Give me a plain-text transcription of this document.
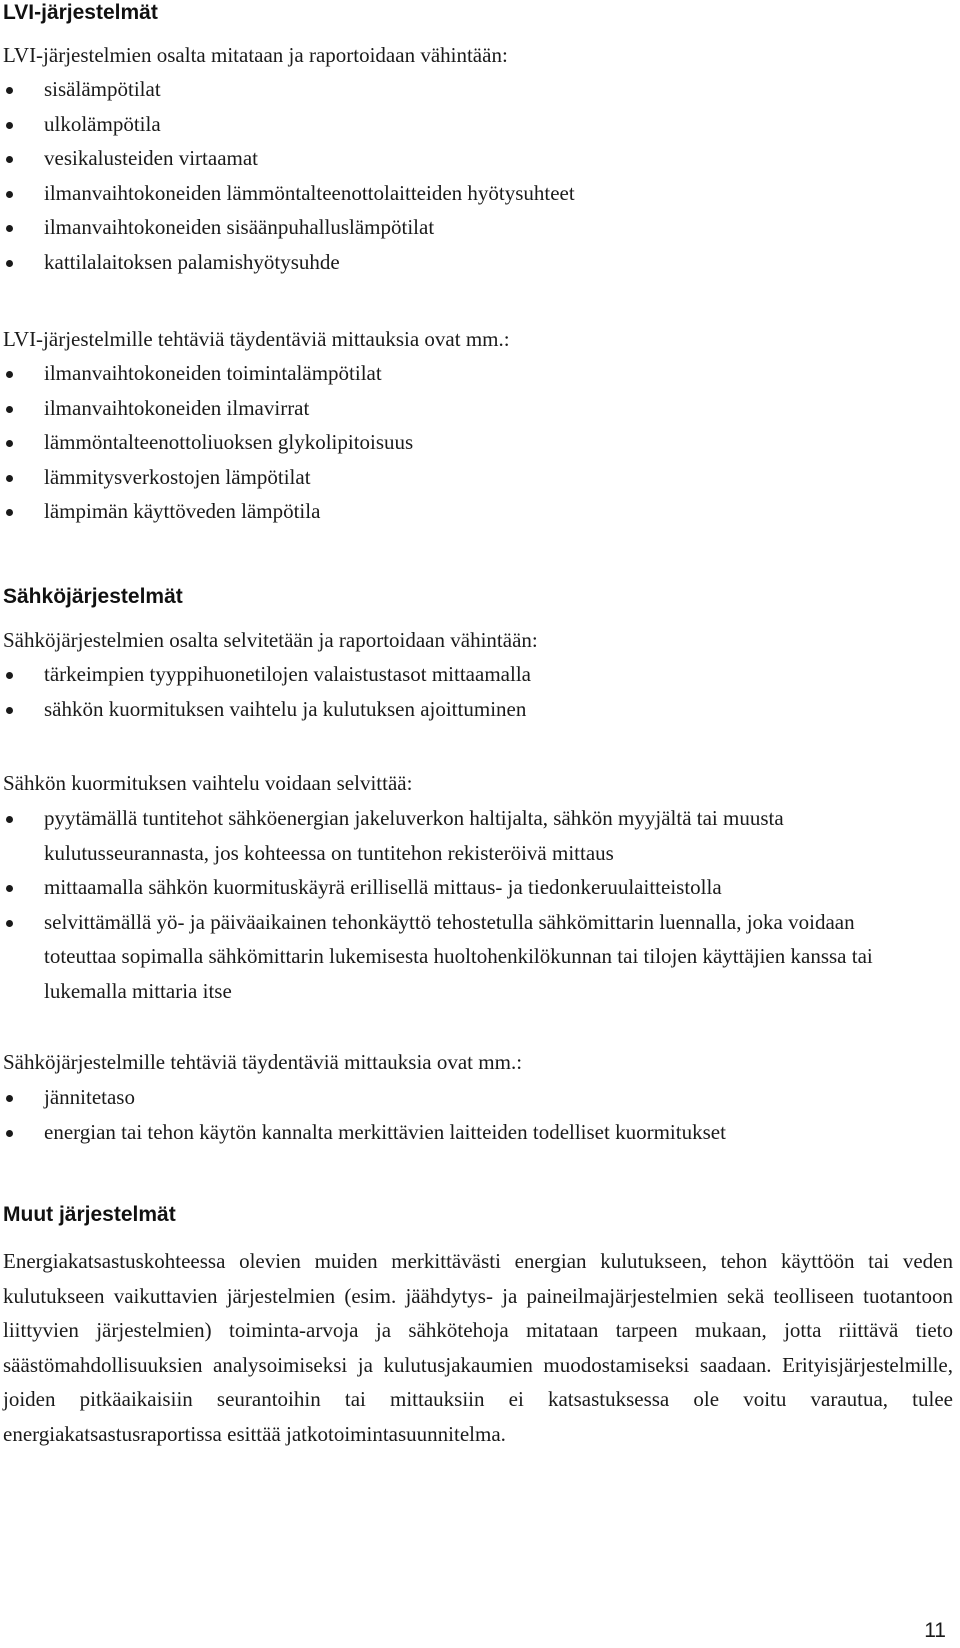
LVI-järjestelmät

LVI-järjestelmien osalta mitataan ja raportoidaan vähintään:

sisälämpötilat
ulkolämpötila
vesikalusteiden virtaamat
ilmanvaihtokoneiden lämmöntalteenottolaitteiden hyötysuhteet
ilmanvaihtokoneiden sisäänpuhalluslämpötilat
kattilalaitoksen palamishyötysuhde

LVI-järjestelmille tehtäviä täydentäviä mittauksia ovat mm.:

ilmanvaihtokoneiden toimintalämpötilat
ilmanvaihtokoneiden ilmavirrat
lämmöntalteenottoliuoksen glykolipitoisuus
lämmitysverkostojen lämpötilat
lämpimän käyttöveden lämpötila
Sähköjärjestelmät

Sähköjärjestelmien osalta selvitetään ja raportoidaan vähintään:

tärkeimpien tyyppihuonetilojen valaistustasot mittaamalla
sähkön kuormituksen vaihtelu ja kulutuksen ajoittuminen

Sähkön kuormituksen vaihtelu voidaan selvittää:

pyytämällä tuntitehot sähköenergian jakeluverkon haltijalta, sähkön myyjältä tai muusta kulutusseurannasta, jos kohteessa on tuntitehon rekisteröivä mittaus
mittaamalla sähkön kuormituskäyrä erillisellä mittaus- ja tiedonkeruulaitteistolla
selvittämällä yö- ja päiväaikainen tehonkäyttö tehostetulla sähkömittarin luennalla, joka voidaan toteuttaa sopimalla sähkömittarin lukemisesta huoltohenkilökunnan tai tilojen käyttäjien kanssa tai lukemalla mittaria itse

Sähköjärjestelmille tehtäviä täydentäviä mittauksia ovat mm.:

jännitetaso
energian tai tehon käytön kannalta merkittävien laitteiden todelliset kuormitukset
Muut järjestelmät

Energiakatsastuskohteessa olevien muiden merkittävästi energian kulutukseen, tehon käyttöön tai veden kulutukseen vaikuttavien järjestelmien (esim. jäähdytys- ja paineilmajärjestelmien sekä teolliseen tuotantoon liittyvien järjestelmien) toiminta-arvoja ja sähkötehoja mitataan tarpeen mukaan, jotta riittävä tieto säästömahdollisuuksien analysoimiseksi ja kulutusjakaumien muodostamiseksi saadaan. Erityisjärjestelmille, joiden pitkäaikaisiin seurantoihin tai mittauksiin ei katsastuksessa ole voitu varautua, tulee energiakatsastusraportissa esittää jatkotoimintasuunnitelma.

11
